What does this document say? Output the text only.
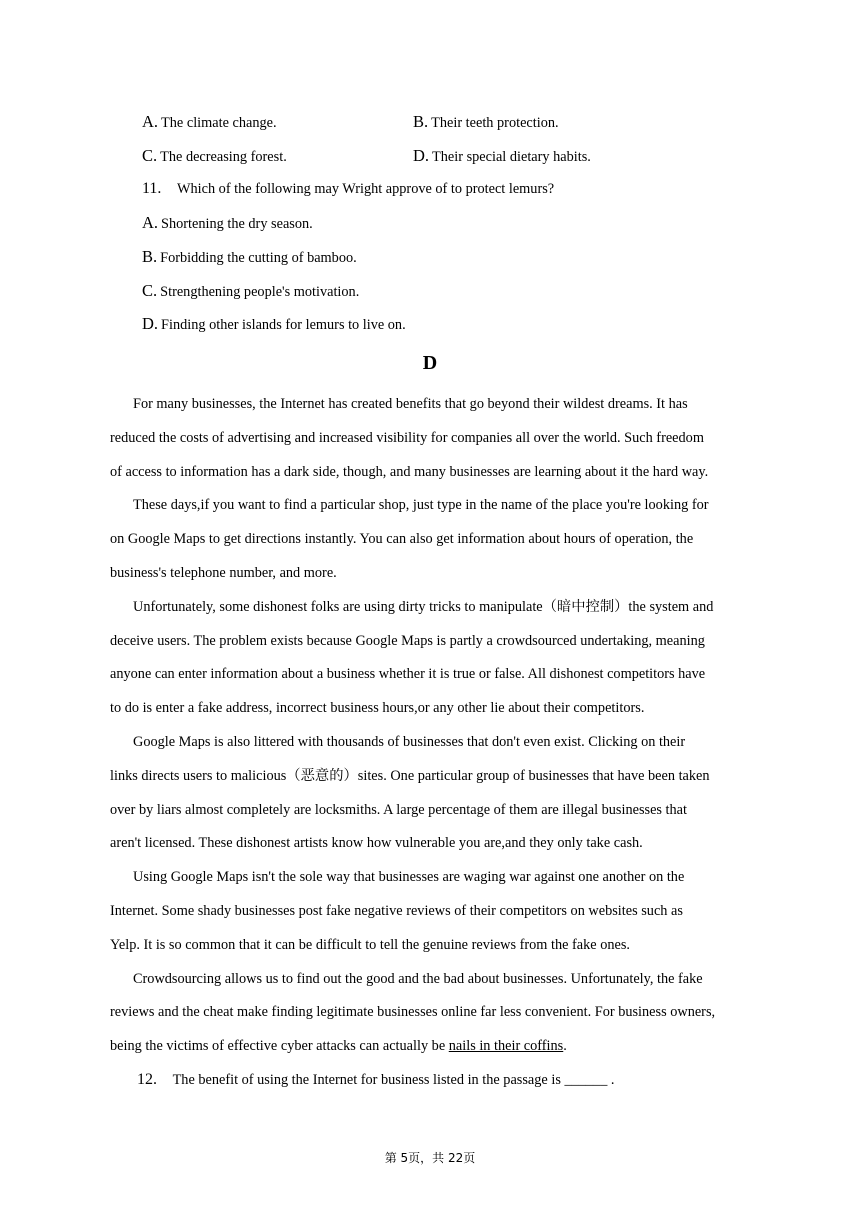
A. The climate change.	B. Their teeth protection.
C. The decreasing forest.	D. Their special dietary habits.
11. Which of the following may Wright approve of to protect lemurs?
A. Shortening the dry season.
B. Forbidding the cutting of bamboo.
C. Strengthening people's motivation.
D. Finding other islands for lemurs to live on.
D
For many businesses, the Internet has created benefits that go beyond their wildest dreams. It has
reduced the costs of advertising and increased visibility for companies all over the world. Such freedom
of access to information has a dark side, though, and many businesses are learning about it the hard way.
These days,if you want to find a particular shop, just type in the name of the place you're looking for
on Google Maps to get directions instantly. You can also get information about hours of operation, the
business's telephone number, and more.
Unfortunately, some dishonest folks are using dirty tricks to manipulate（暗中控制）the system and
deceive users. The problem exists because Google Maps is partly a crowdsourced undertaking, meaning
anyone can enter information about a business whether it is true or false. All dishonest competitors have
to do is enter a fake address, incorrect business hours,or any other lie about their competitors.
Google Maps is also littered with thousands of businesses that don't even exist. Clicking on their
links directs users to malicious（恶意的）sites. One particular group of businesses that have been taken
over by liars almost completely are locksmiths. A large percentage of them are illegal businesses that
aren't licensed. These dishonest artists know how vulnerable you are,and they only take cash.
Using Google Maps isn't the sole way that businesses are waging war against one another on the
Internet. Some shady businesses post fake negative reviews of their competitors on websites such as
Yelp. It is so common that it can be difficult to tell the genuine reviews from the fake ones.
Crowdsourcing allows us to find out the good and the bad about businesses. Unfortunately, the fake
reviews and the cheat make finding legitimate businesses online far less convenient. For business owners,
being the victims of effective cyber attacks can actually be nails in their coffins.
12. The benefit of using the Internet for business listed in the passage is ______ .
第 5页，共 22页
